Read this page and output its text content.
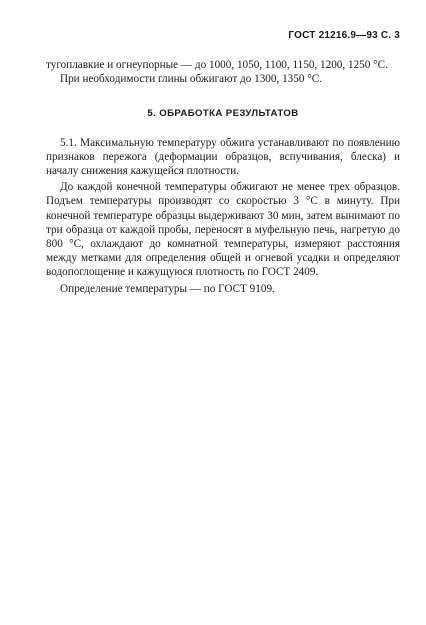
ГОСТ 21216.9—93 С. 3

тугоплавкие и огнеупорные — до 1000, 1050, 1100, 1150, 1200, 1250 °С.

При необходимости глины обжигают до 1300, 1350 °С.

5. ОБРАБОТКА РЕЗУЛЬТАТОВ

5.1. Максимальную температуру обжига устанавливают по появлению признаков пережога (деформации образцов, вспучивания, блеска) и началу снижения кажущейся плотности.

До каждой конечной температуры обжигают не менее трех образцов. Подъем температуры производят со скоростью 3 °С в минуту. При конечной температуре образцы выдерживают 30 мин, затем вынимают по три образца от каждой пробы, переносят в муфельную печь, нагретую до 800 °С, охлаждают до комнатной температуры, измеряют расстояния между метками для определения общей и огневой усадки и определяют водопоглощение и кажущуюся плотность по ГОСТ 2409.

Определение температуры — по ГОСТ 9109.
